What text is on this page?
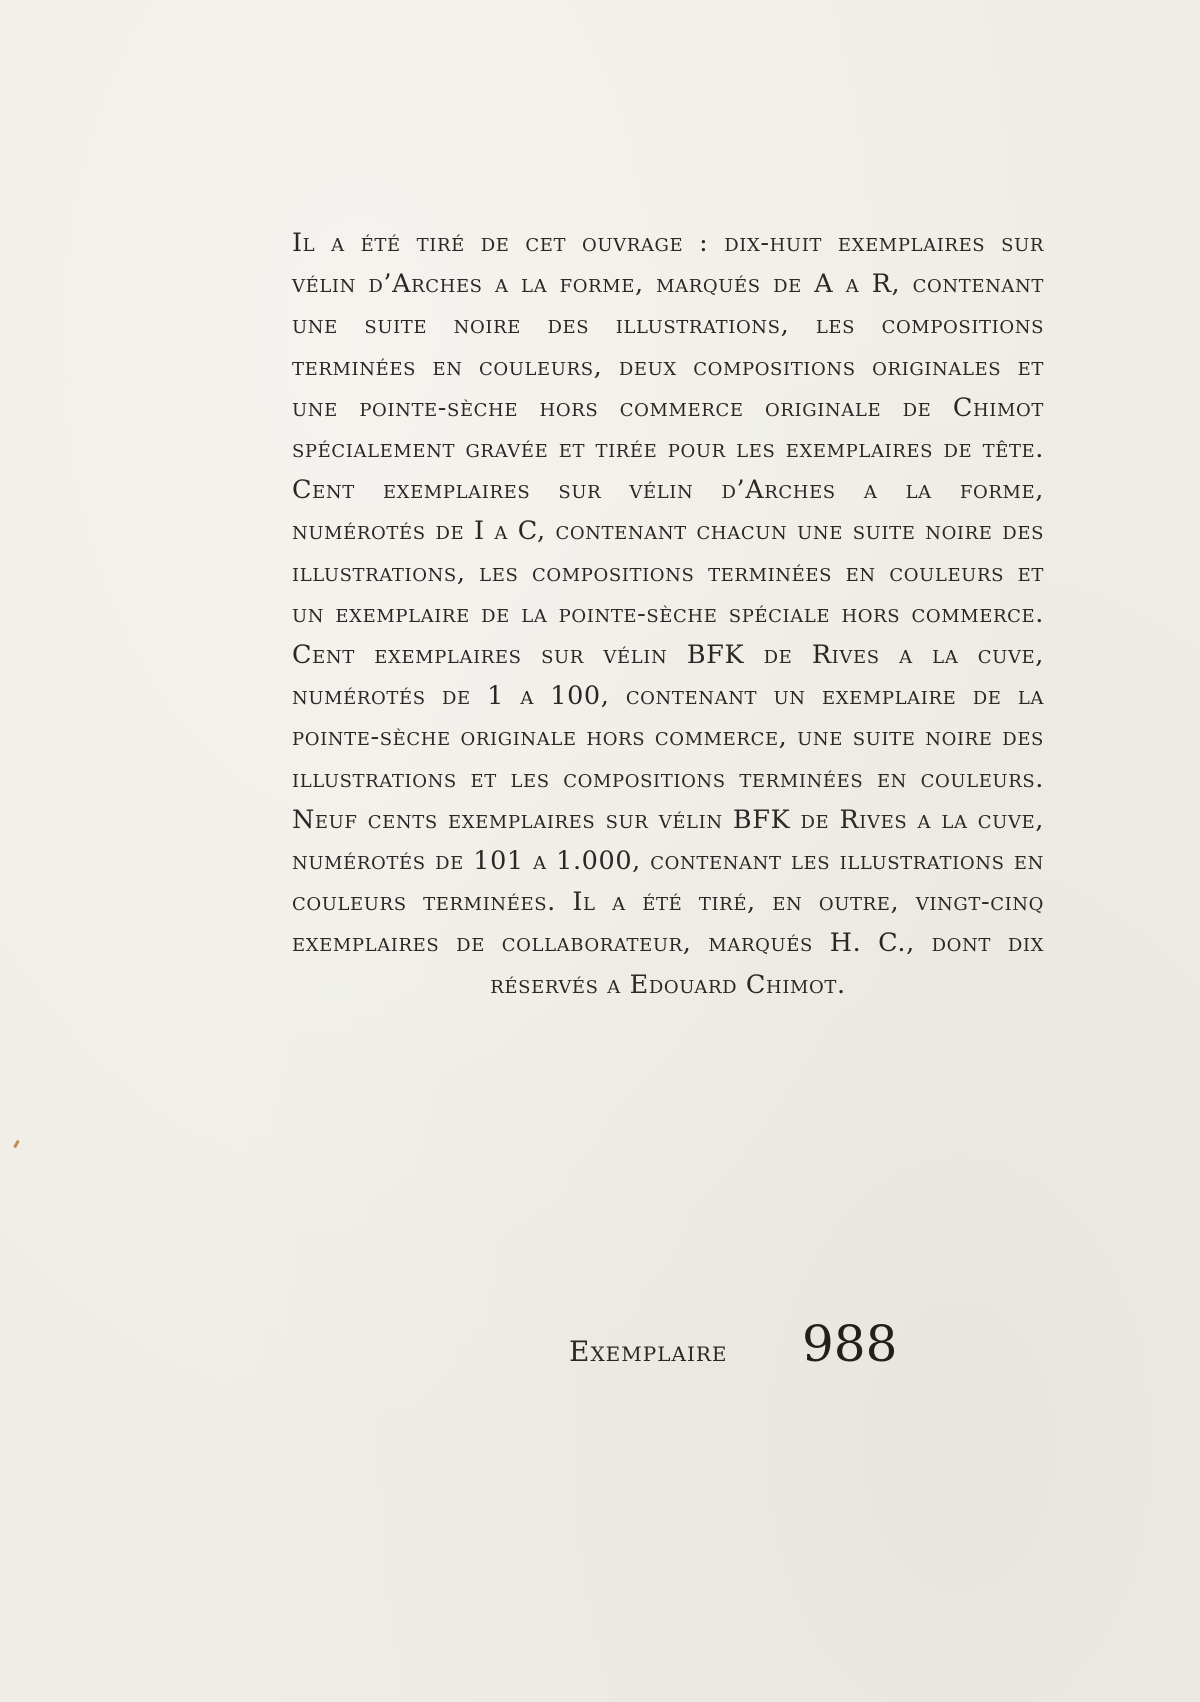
Il a été tiré de cet ouvrage : dix-huit exemplaires sur vélin d’Arches a la forme, marqués de A a R, contenant une suite noire des illustrations, les compositions terminées en couleurs, deux compositions originales et une pointe-sèche hors commerce originale de Chimot spécialement gravée et tirée pour les exemplaires de tête. Cent exemplaires sur vélin d’Arches a la forme, numérotés de I a C, contenant chacun une suite noire des illustrations, les compositions terminées en couleurs et un exemplaire de la pointe-sèche spéciale hors commerce. Cent exemplaires sur vélin BFK de Rives a la cuve, numérotés de 1 a 100, contenant un exemplaire de la pointe-sèche originale hors commerce, une suite noire des illustrations et les compositions terminées en couleurs. Neuf cents exemplaires sur vélin BFK de Rives a la cuve, numérotés de 101 a 1.000, contenant les illustrations en couleurs terminées. Il a été tiré, en outre, vingt-cinq exemplaires de collaborateur, marqués H. C., dont dix réservés a Edouard Chimot.

Exemplaire 988
